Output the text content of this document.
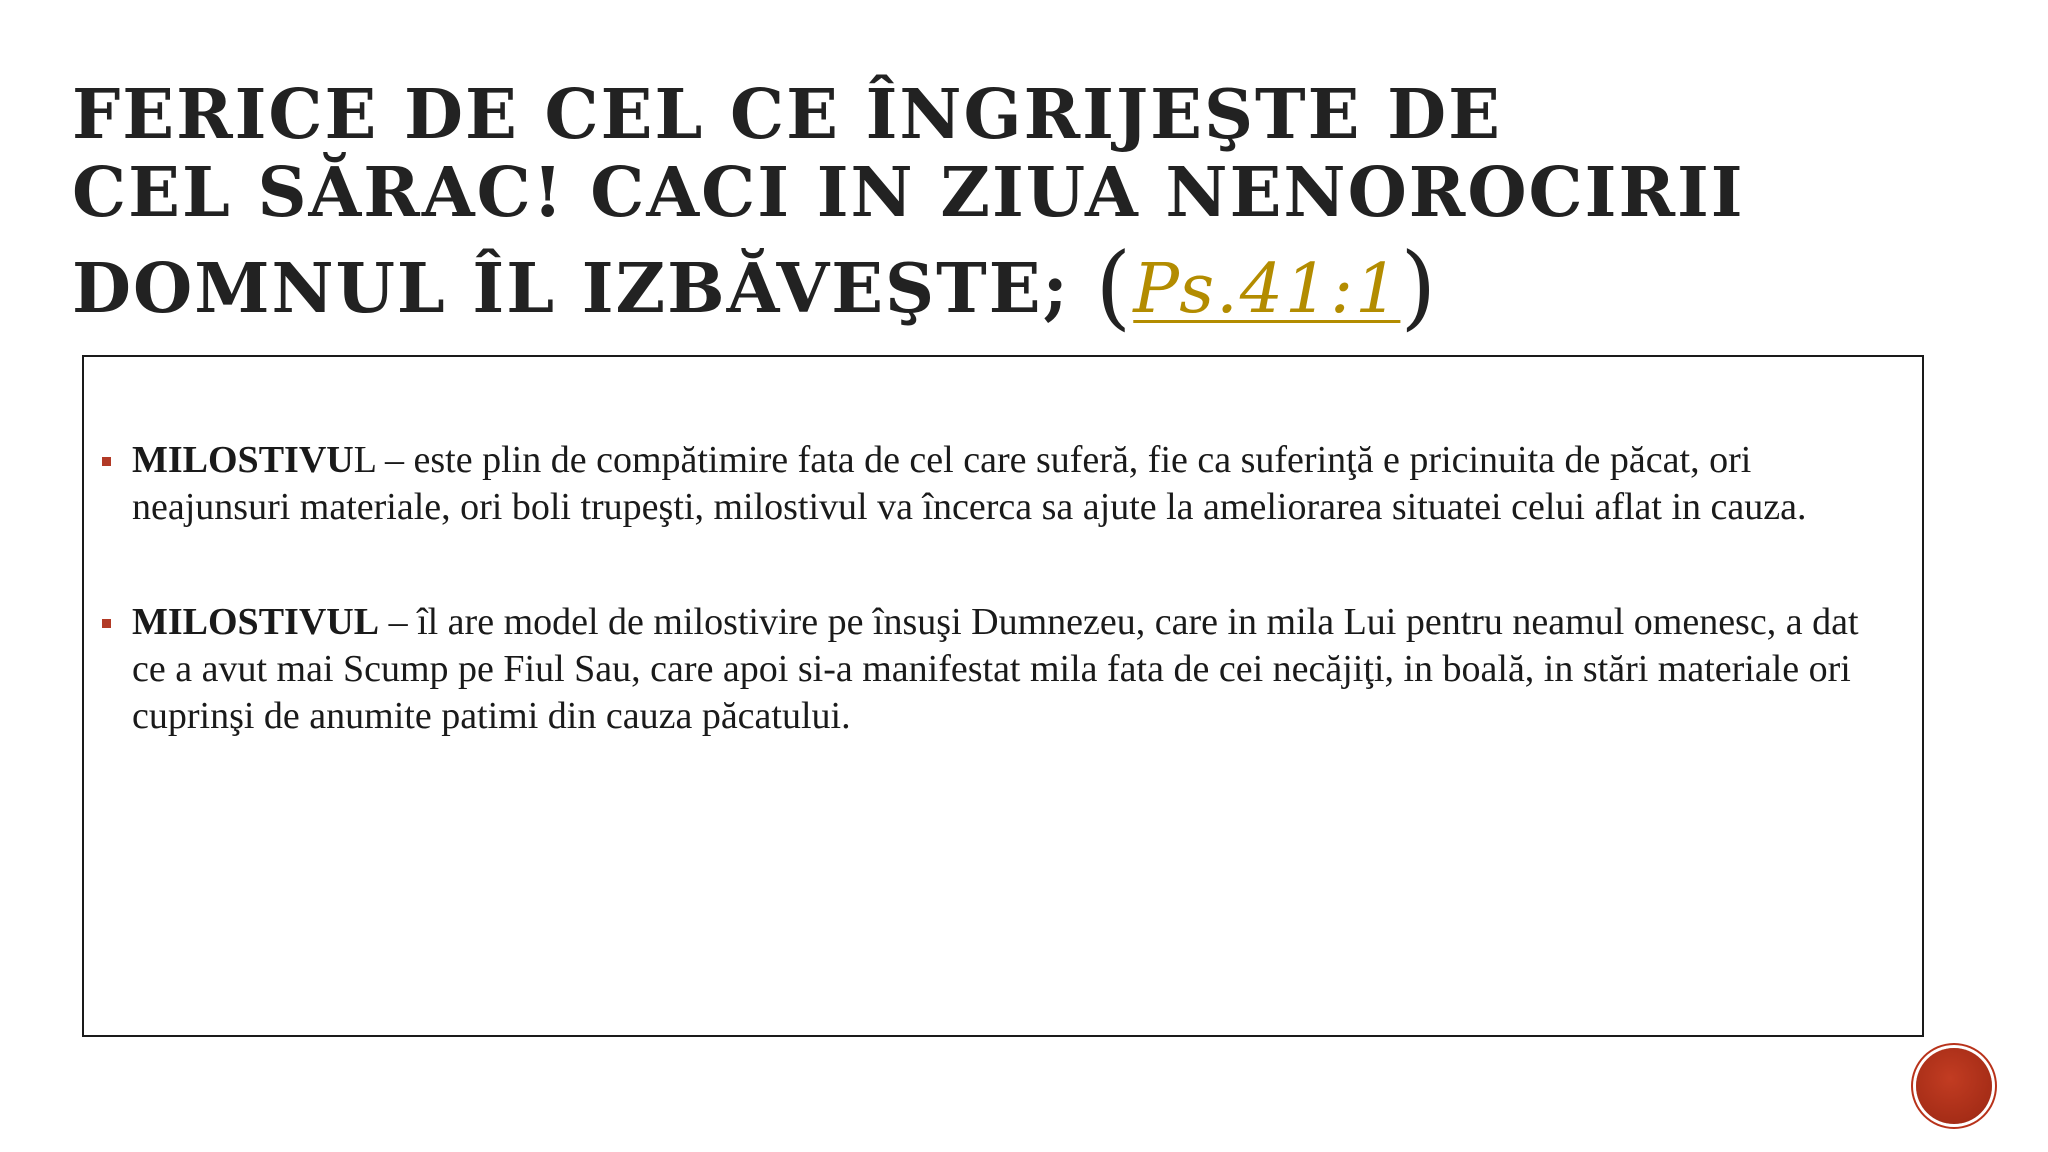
FERICE DE CEL CE ÎNGRIJEŞTE DE
CEL SĂRAC! CACI IN ZIUA NENOROCIRII
DOMNUL ÎL IZBĂVEŞTE; (Ps.41:1)
MILOSTIVUL – este plin de compătimire fata de cel care suferă, fie ca suferinţă e pricinuita de păcat, ori neajunsuri materiale, ori boli trupeşti, milostivul va încerca sa ajute la ameliorarea situatei celui aflat in cauza.
MILOSTIVUL – îl are model de milostivire pe însuşi Dumnezeu, care in mila Lui pentru neamul omenesc, a dat ce a avut mai Scump pe Fiul Sau, care apoi si-a manifestat mila fata de cei necăjiţi, in boală, in stări materiale ori cuprinşi de anumite patimi din cauza păcatului.
